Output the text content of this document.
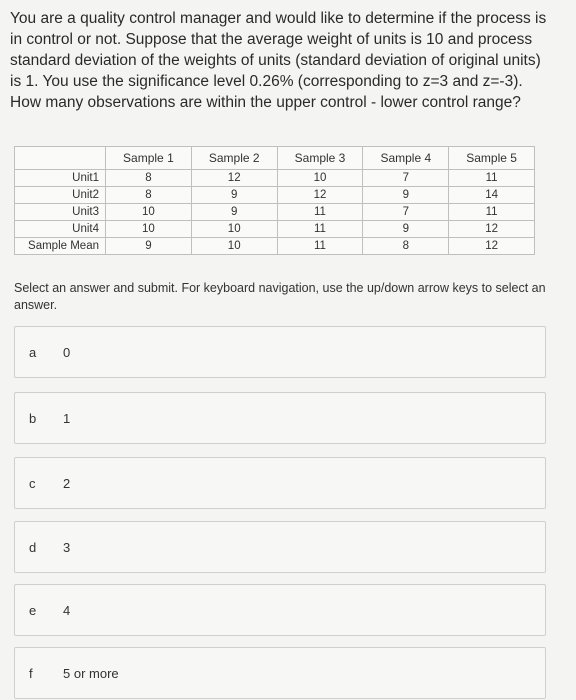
You are a quality control manager and would like to determine if the process is in control or not. Suppose that the average weight of units is 10 and process standard deviation of the weights of units (standard deviation of original units) is 1. You use the significance level 0.26% (corresponding to z=3 and z=-3). How many observations are within the upper control - lower control range?
	Sample 1	Sample 2	Sample 3	Sample 4	Sample 5
Unit1	8	12	10	7	11
Unit2	8	9	12	9	14
Unit3	10	9	11	7	11
Unit4	10	10	11	9	12
Sample Mean	9	10	11	8	12
Select an answer and submit. For keyboard navigation, use the up/down arrow keys to select an answer.
a 0
b 1
c 2
d 3
e 4
f 5 or more
